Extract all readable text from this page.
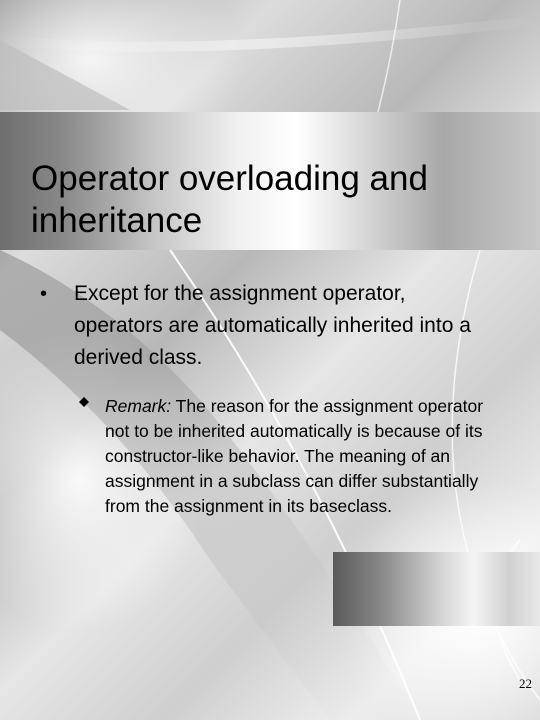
Operator overloading and inheritance
• Except for the assignment operator, operators are automatically inherited into a derived class.

Remark: The reason for the assignment operator not to be inherited automatically is because of its constructor-like behavior. The meaning of an assignment in a subclass can differ substantially from the assignment in its baseclass.

22
